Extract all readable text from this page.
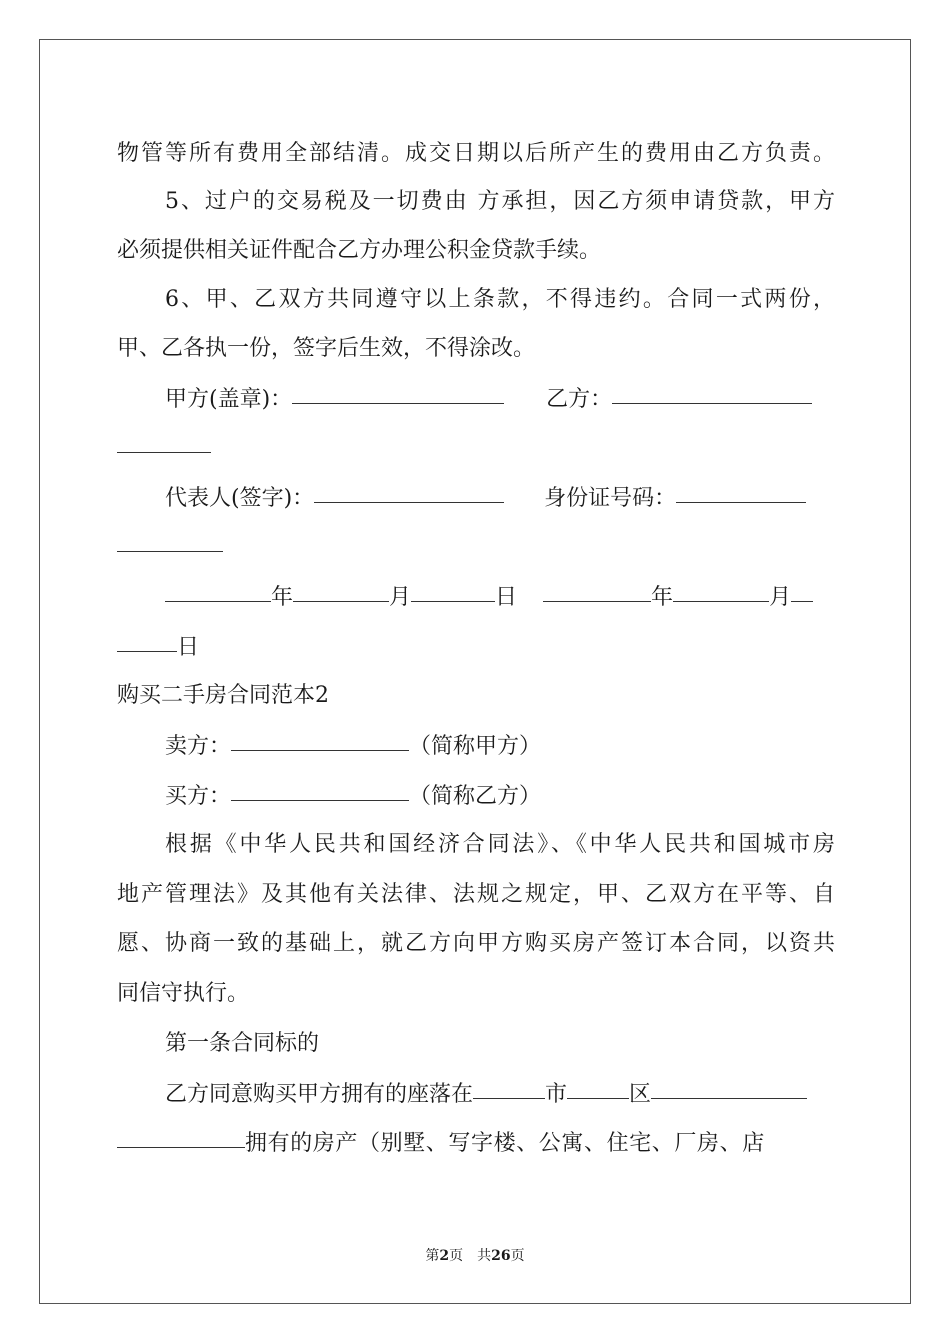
物管等所有费用全部结清。成交日期以后所产生的费用由乙方负责。
5、过户的交易税及一切费由 方承担，因乙方须申请贷款，甲方
必须提供相关证件配合乙方办理公积金贷款手续。
6、甲、乙双方共同遵守以上条款，不得违约。合同一式两份，
甲、乙各执一份，签字后生效，不得涂改。
甲方(盖章)：	乙方：
代表人(签字)：	身份证号码：
年	月	日	年	月
日
购买二手房合同范本2
卖方：	（简称甲方）
买方：	（简称乙方）
根据《中华人民共和国经济合同法》、《中华人民共和国城市房
地产管理法》及其他有关法律、法规之规定，甲、乙双方在平等、自
愿、协商一致的基础上，就乙方向甲方购买房产签订本合同，以资共
同信守执行。
第一条合同标的
乙方同意购买甲方拥有的座落在	市	区
拥有的房产（别墅、写字楼、公寓、住宅、厂房、店
第2页　共26页
